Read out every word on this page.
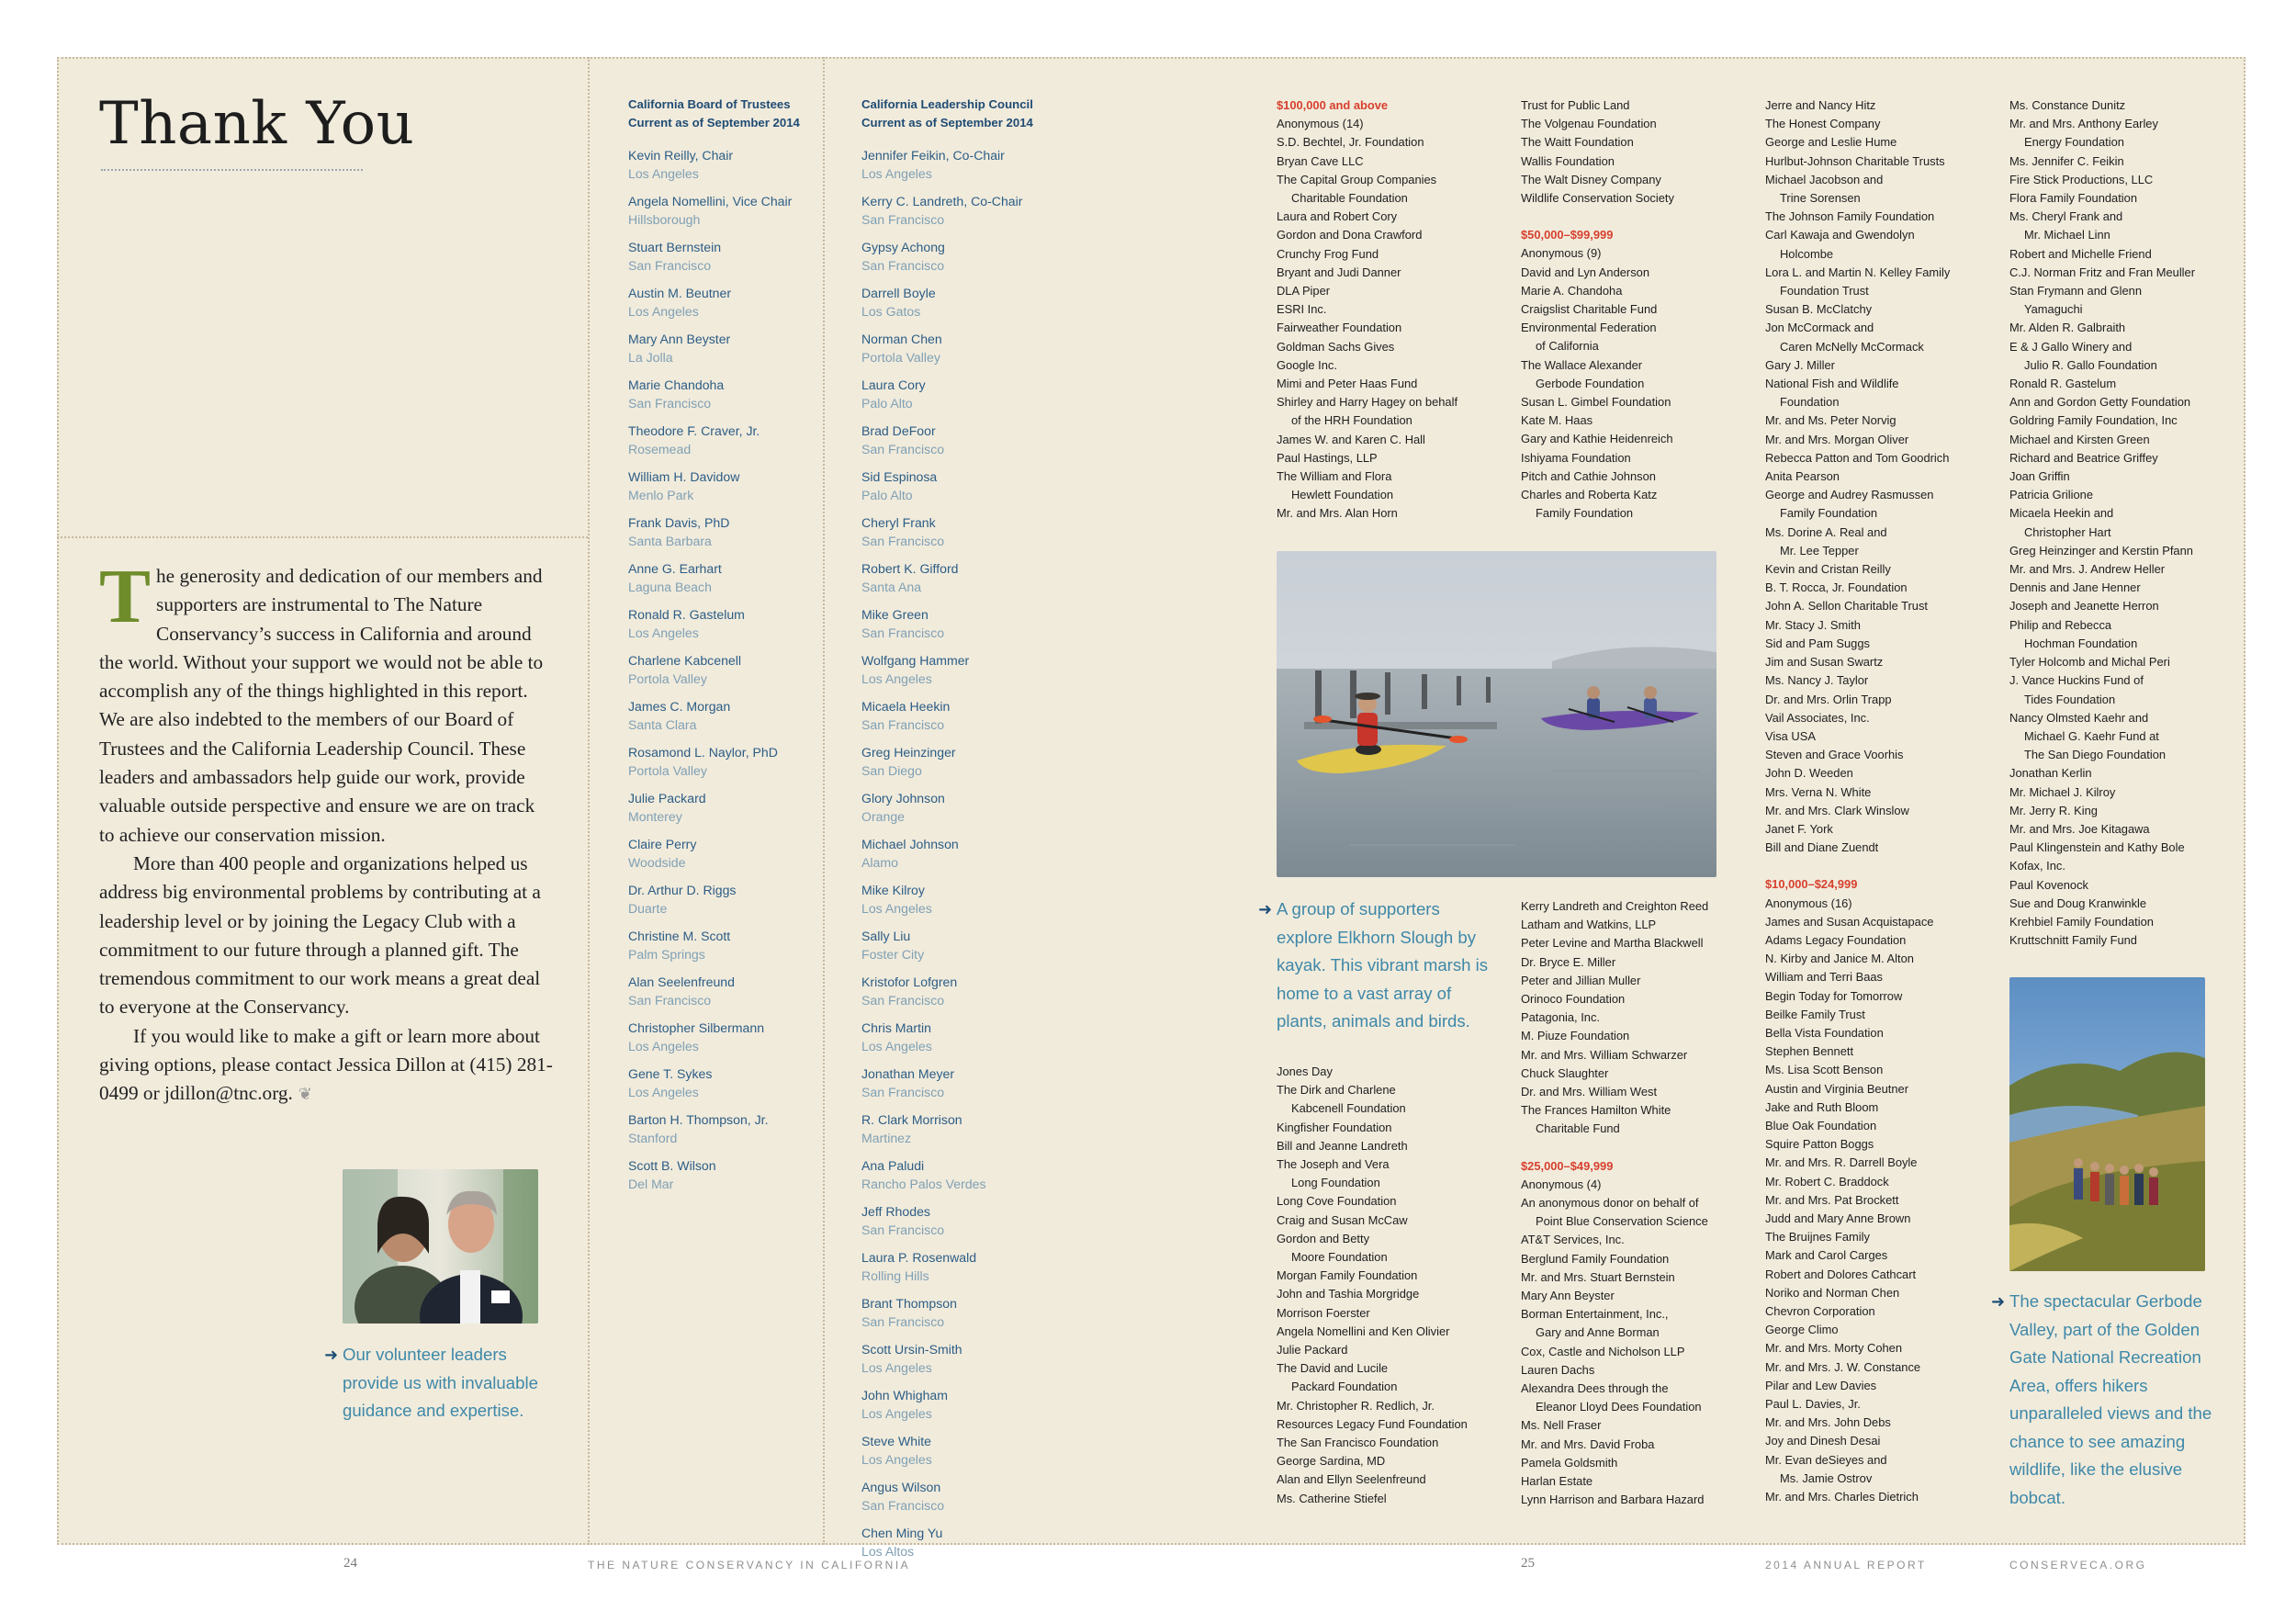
Thank You

The generosity and dedication of our members and supporters are instrumental to The Nature Conservancy’s success in California and around the world. Without your support we would not be able to accomplish any of the things highlighted in this report. We are also indebted to the members of our Board of Trustees and the California Leadership Council. These leaders and ambassadors help guide our work, provide valuable outside perspective and ensure we are on track to achieve our conservation mission.

More than 400 people and organizations helped us address big environmental problems by contributing at a leadership level or by joining the Legacy Club with a commitment to our future through a planned gift. The tremendous commitment to our work means a great deal to everyone at the Conservancy.

If you would like to make a gift or learn more about giving options, please contact Jessica Dillon at (415) 281-0499 or jdillon@tnc.org. ❦

➜ Our volunteer leaders provide us with invaluable guidance and expertise.
California Board of Trustees
Current as of September 2014
Kevin Reilly, Chair
Los Angeles
Angela Nomellini, Vice Chair
Hillsborough
Stuart Bernstein
San Francisco
Austin M. Beutner
Los Angeles
Mary Ann Beyster
La Jolla
Marie Chandoha
San Francisco
Theodore F. Craver, Jr.
Rosemead
William H. Davidow
Menlo Park
Frank Davis, PhD
Santa Barbara
Anne G. Earhart
Laguna Beach
Ronald R. Gastelum
Los Angeles
Charlene Kabcenell
Portola Valley
James C. Morgan
Santa Clara
Rosamond L. Naylor, PhD
Portola Valley
Julie Packard
Monterey
Claire Perry
Woodside
Dr. Arthur D. Riggs
Duarte
Christine M. Scott
Palm Springs
Alan Seelenfreund
San Francisco
Christopher Silbermann
Los Angeles
Gene T. Sykes
Los Angeles
Barton H. Thompson, Jr.
Stanford
Scott B. Wilson
Del Mar
California Leadership Council
Current as of September 2014
Jennifer Feikin, Co-Chair
Los Angeles
Kerry C. Landreth, Co-Chair
San Francisco
Gypsy Achong
San Francisco
Darrell Boyle
Los Gatos
Norman Chen
Portola Valley
Laura Cory
Palo Alto
Brad DeFoor
San Francisco
Sid Espinosa
Palo Alto
Cheryl Frank
San Francisco
Robert K. Gifford
Santa Ana
Mike Green
San Francisco
Wolfgang Hammer
Los Angeles
Micaela Heekin
San Francisco
Greg Heinzinger
San Diego
Glory Johnson
Orange
Michael Johnson
Alamo
Mike Kilroy
Los Angeles
Sally Liu
Foster City
Kristofor Lofgren
San Francisco
Chris Martin
Los Angeles
Jonathan Meyer
San Francisco
R. Clark Morrison
Martinez
Ana Paludi
Rancho Palos Verdes
Jeff Rhodes
San Francisco
Laura P. Rosenwald
Rolling Hills
Brant Thompson
San Francisco
Scott Ursin-Smith
Los Angeles
John Whigham
Los Angeles
Steve White
Los Angeles
Angus Wilson
San Francisco
Chen Ming Yu
Los Altos
$100,000 and above
Anonymous (14)
S.D. Bechtel, Jr. Foundation
Bryan Cave LLC
The Capital Group Companies
Charitable Foundation
Laura and Robert Cory
Gordon and Dona Crawford
Crunchy Frog Fund
Bryant and Judi Danner
DLA Piper
ESRI Inc.
Fairweather Foundation
Goldman Sachs Gives
Google Inc.
Mimi and Peter Haas Fund
Shirley and Harry Hagey on behalf
of the HRH Foundation
James W. and Karen C. Hall
Paul Hastings, LLP
The William and Flora
Hewlett Foundation
Mr. and Mrs. Alan Horn
Trust for Public Land
The Volgenau Foundation
The Waitt Foundation
Wallis Foundation
The Walt Disney Company
Wildlife Conservation Society
$50,000–$99,999
Anonymous (9)
David and Lyn Anderson
Marie A. Chandoha
Craigslist Charitable Fund
Environmental Federation
of California
The Wallace Alexander
Gerbode Foundation
Susan L. Gimbel Foundation
Kate M. Haas
Gary and Kathie Heidenreich
Ishiyama Foundation
Pitch and Cathie Johnson
Charles and Roberta Katz
Family Foundation
Jones Day
The Dirk and Charlene
Kabcenell Foundation
Kingfisher Foundation
Bill and Jeanne Landreth
The Joseph and Vera
Long Foundation
Long Cove Foundation
Craig and Susan McCaw
Gordon and Betty
Moore Foundation
Morgan Family Foundation
John and Tashia Morgridge
Morrison Foerster
Angela Nomellini and Ken Olivier
Julie Packard
The David and Lucile
Packard Foundation
Mr. Christopher R. Redlich, Jr.
Resources Legacy Fund Foundation
The San Francisco Foundation
George Sardina, MD
Alan and Ellyn Seelenfreund
Ms. Catherine Stiefel
Kerry Landreth and Creighton Reed
Latham and Watkins, LLP
Peter Levine and Martha Blackwell
Dr. Bryce E. Miller
Peter and Jillian Muller
Orinoco Foundation
Patagonia, Inc.
M. Piuze Foundation
Mr. and Mrs. William Schwarzer
Chuck Slaughter
Dr. and Mrs. William West
The Frances Hamilton White
Charitable Fund
$25,000–$49,999
Anonymous (4)
An anonymous donor on behalf of
Point Blue Conservation Science
AT&T Services, Inc.
Berglund Family Foundation
Mr. and Mrs. Stuart Bernstein
Mary Ann Beyster
Borman Entertainment, Inc.,
Gary and Anne Borman
Cox, Castle and Nicholson LLP
Lauren Dachs
Alexandra Dees through the
Eleanor Lloyd Dees Foundation
Ms. Nell Fraser
Mr. and Mrs. David Froba
Pamela Goldsmith
Harlan Estate
Lynn Harrison and Barbara Hazard
Jerre and Nancy Hitz
The Honest Company
George and Leslie Hume
Hurlbut-Johnson Charitable Trusts
Michael Jacobson and
Trine Sorensen
The Johnson Family Foundation
Carl Kawaja and Gwendolyn
Holcombe
Lora L. and Martin N. Kelley Family
Foundation Trust
Susan B. McClatchy
Jon McCormack and
Caren McNelly McCormack
Gary J. Miller
National Fish and Wildlife
Foundation
Mr. and Ms. Peter Norvig
Mr. and Mrs. Morgan Oliver
Rebecca Patton and Tom Goodrich
Anita Pearson
George and Audrey Rasmussen
Family Foundation
Ms. Dorine A. Real and
Mr. Lee Tepper
Kevin and Cristan Reilly
B. T. Rocca, Jr. Foundation
John A. Sellon Charitable Trust
Mr. Stacy J. Smith
Sid and Pam Suggs
Jim and Susan Swartz
Ms. Nancy J. Taylor
Dr. and Mrs. Orlin Trapp
Vail Associates, Inc.
Visa USA
Steven and Grace Voorhis
John D. Weeden
Mrs. Verna N. White
Mr. and Mrs. Clark Winslow
Janet F. York
Bill and Diane Zuendt
$10,000–$24,999
Anonymous (16)
James and Susan Acquistapace
Adams Legacy Foundation
N. Kirby and Janice M. Alton
William and Terri Baas
Begin Today for Tomorrow
Beilke Family Trust
Bella Vista Foundation
Stephen Bennett
Ms. Lisa Scott Benson
Austin and Virginia Beutner
Jake and Ruth Bloom
Blue Oak Foundation
Squire Patton Boggs
Mr. and Mrs. R. Darrell Boyle
Mr. Robert C. Braddock
Mr. and Mrs. Pat Brockett
Judd and Mary Anne Brown
The Bruijnes Family
Mark and Carol Carges
Robert and Dolores Cathcart
Noriko and Norman Chen
Chevron Corporation
George Climo
Mr. and Mrs. Morty Cohen
Mr. and Mrs. J. W. Constance
Pilar and Lew Davies
Paul L. Davies, Jr.
Mr. and Mrs. John Debs
Joy and Dinesh Desai
Mr. Evan deSieyes and
Ms. Jamie Ostrov
Mr. and Mrs. Charles Dietrich
Ms. Constance Dunitz
Mr. and Mrs. Anthony Earley
Energy Foundation
Ms. Jennifer C. Feikin
Fire Stick Productions, LLC
Flora Family Foundation
Ms. Cheryl Frank and
Mr. Michael Linn
Robert and Michelle Friend
C.J. Norman Fritz and Fran Meuller
Stan Frymann and Glenn
Yamaguchi
Mr. Alden R. Galbraith
E & J Gallo Winery and
Julio R. Gallo Foundation
Ronald R. Gastelum
Ann and Gordon Getty Foundation
Goldring Family Foundation, Inc
Michael and Kirsten Green
Richard and Beatrice Griffey
Joan Griffin
Patricia Grilione
Micaela Heekin and
Christopher Hart
Greg Heinzinger and Kerstin Pfann
Mr. and Mrs. J. Andrew Heller
Dennis and Jane Henner
Joseph and Jeanette Herron
Philip and Rebecca
Hochman Foundation
Tyler Holcomb and Michal Peri
J. Vance Huckins Fund of
Tides Foundation
Nancy Olmsted Kaehr and
Michael G. Kaehr Fund at
The San Diego Foundation
Jonathan Kerlin
Mr. Michael J. Kilroy
Mr. Jerry R. King
Mr. and Mrs. Joe Kitagawa
Paul Klingenstein and Kathy Bole
Kofax, Inc.
Paul Kovenock
Sue and Doug Kranwinkle
Krehbiel Family Foundation
Kruttschnitt Family Fund
➜ A group of supporters explore Elkhorn Slough by kayak. This vibrant marsh is home to a vast array of plants, animals and birds.
➜ The spectacular Gerbode Valley, part of the Golden Gate National Recreation Area, offers hikers unparalleled views and the chance to see amazing wildlife, like the elusive bobcat.
24	THE NATURE CONSERVANCY IN CALIFORNIA	25	2014 ANNUAL REPORT	CONSERVECA.ORG
